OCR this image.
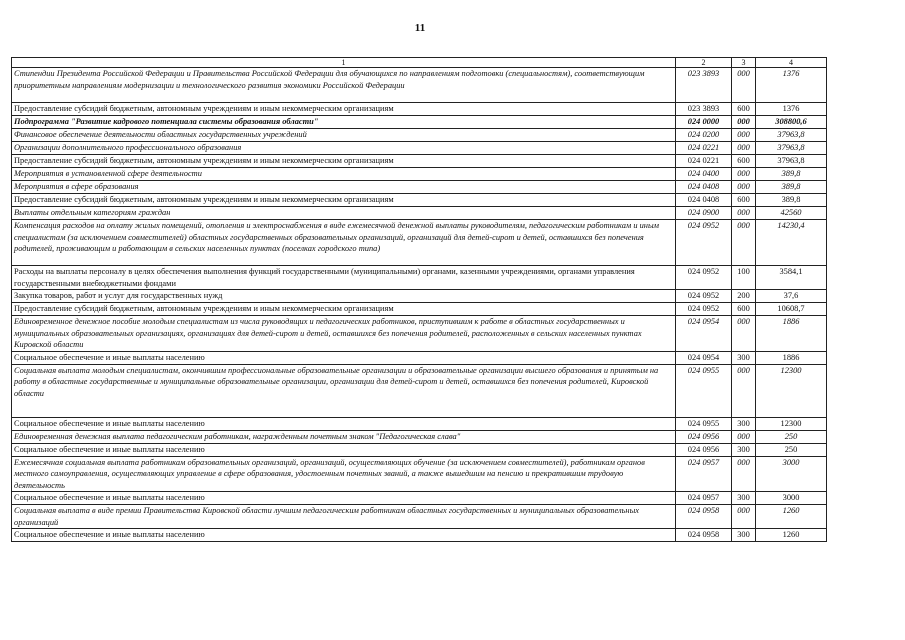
11
1	2	3	4
Стипендии Президента Российской Федерации и Правительства Российской Федерации для обучающихся по направлениям подготовки (специальностям), соответствующим приоритетным направлениям модернизации и технологического развития экономики Российской Федерации	023 3893	000	1376
Предоставление субсидий бюджетным, автономным учреждениям и иным некоммерческим организациям	023 3893	600	1376
Подпрограмма "Развитие кадрового потенциала системы образования области"	024 0000	000	308800,6
Финансовое обеспечение деятельности областных государственных учреждений	024 0200	000	37963,8
Организации дополнительного профессионального образования	024 0221	000	37963,8
Предоставление субсидий бюджетным, автономным учреждениям и иным некоммерческим организациям	024 0221	600	37963,8
Мероприятия в установленной сфере деятельности	024 0400	000	389,8
Мероприятия в сфере образования	024 0408	000	389,8
Предоставление субсидий бюджетным, автономным учреждениям и иным некоммерческим организациям	024 0408	600	389,8
Выплаты отдельным категориям граждан	024 0900	000	42560
Компенсация расходов на оплату жилых помещений, отопления и электроснабжения в виде ежемесячной денежной выплаты руководителям, педагогическим работникам и иным специалистам (за исключением совместителей) областных государственных образовательных организаций, организаций для детей-сирот и детей, оставшихся без попечения родителей, проживающим и работающим в сельских населенных пунктах (поселках городского типа)	024 0952	000	14230,4
Расходы на выплаты персоналу в целях обеспечения выполнения функций государственными (муниципальными) органами, казенными учреждениями, органами управления государственными внебюджетными фондами	024 0952	100	3584,1
Закупка товаров, работ и услуг для государственных нужд	024 0952	200	37,6
Предоставление субсидий бюджетным, автономным учреждениям и иным некоммерческим организациям	024 0952	600	10608,7
Единовременное денежное пособие молодым специалистам из числа руководящих и педагогических работников, приступившим к работе в областных государственных и муниципальных образовательных организациях, организациях для детей-сирот и детей, оставшихся без попечения родителей, расположенных в сельских населенных пунктах Кировской области	024 0954	000	1886
Социальное обеспечение и иные выплаты населению	024 0954	300	1886
Социальная выплата молодым специалистам, окончившим профессиональные образовательные организации и образовательные организации высшего образования и принятым на работу в областные государственные и муниципальные образовательные организации, организации для детей-сирот и детей, оставшихся без попечения родителей, Кировской области	024 0955	000	12300
Социальное обеспечение и иные выплаты населению	024 0955	300	12300
Единовременная денежная выплата педагогическим работникам, награжденным почетным знаком "Педагогическая слава"	024 0956	000	250
Социальное обеспечение и иные выплаты населению	024 0956	300	250
Ежемесячная социальная выплата работникам образовательных организаций, организаций, осуществляющих обучение (за исключением совместителей), работникам органов местного самоуправления, осуществляющих управление в сфере образования, удостоенным почетных званий, а также вышедшим на пенсию и прекратившим трудовую деятельность	024 0957	000	3000
Социальное обеспечение и иные выплаты населению	024 0957	300	3000
Социальная выплата в виде премии Правительства Кировской области лучшим педагогическим работникам областных государственных и муниципальных образовательных организаций	024 0958	000	1260
Социальное обеспечение и иные выплаты населению	024 0958	300	1260
